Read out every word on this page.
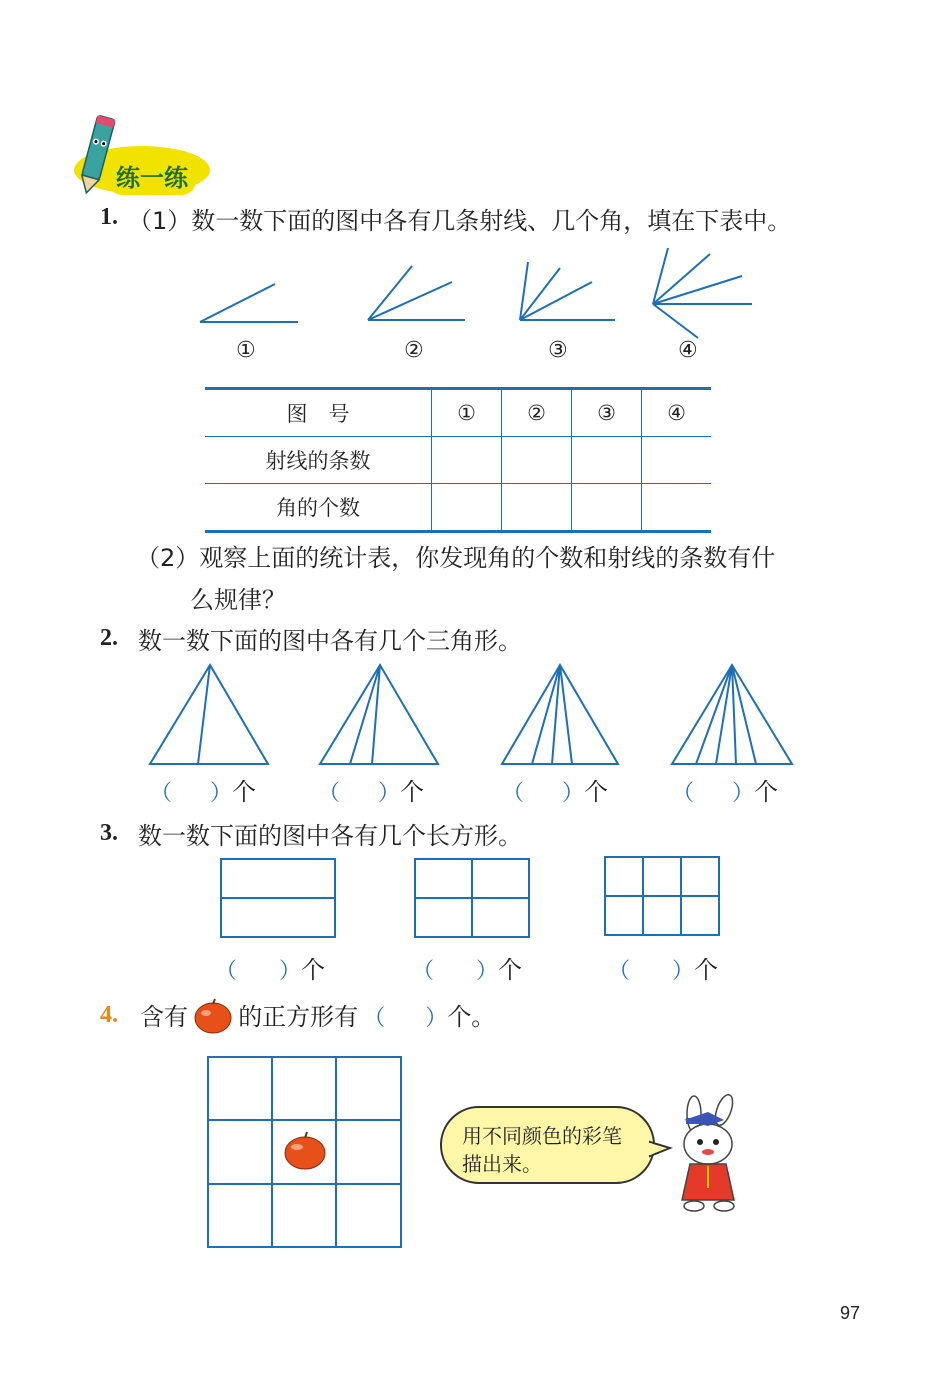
练一练
1. （1）数一数下面的图中各有几条射线、几个角，填在下表中。
①	②	③	④
图　号	①	②	③	④
射线的条数				
角的个数				
（2）观察上面的统计表，你发现角的个数和射线的条数有什
么规律？
2. 数一数下面的图中各有几个三角形。
（ ）个	（ ）个	（ ）个	（ ）个
3. 数一数下面的图中各有几个长方形。
（ ）个	（ ）个	（ ）个
4. 含有 的正方形有 （ ）个。
用不同颜色的彩笔描出来。
97
